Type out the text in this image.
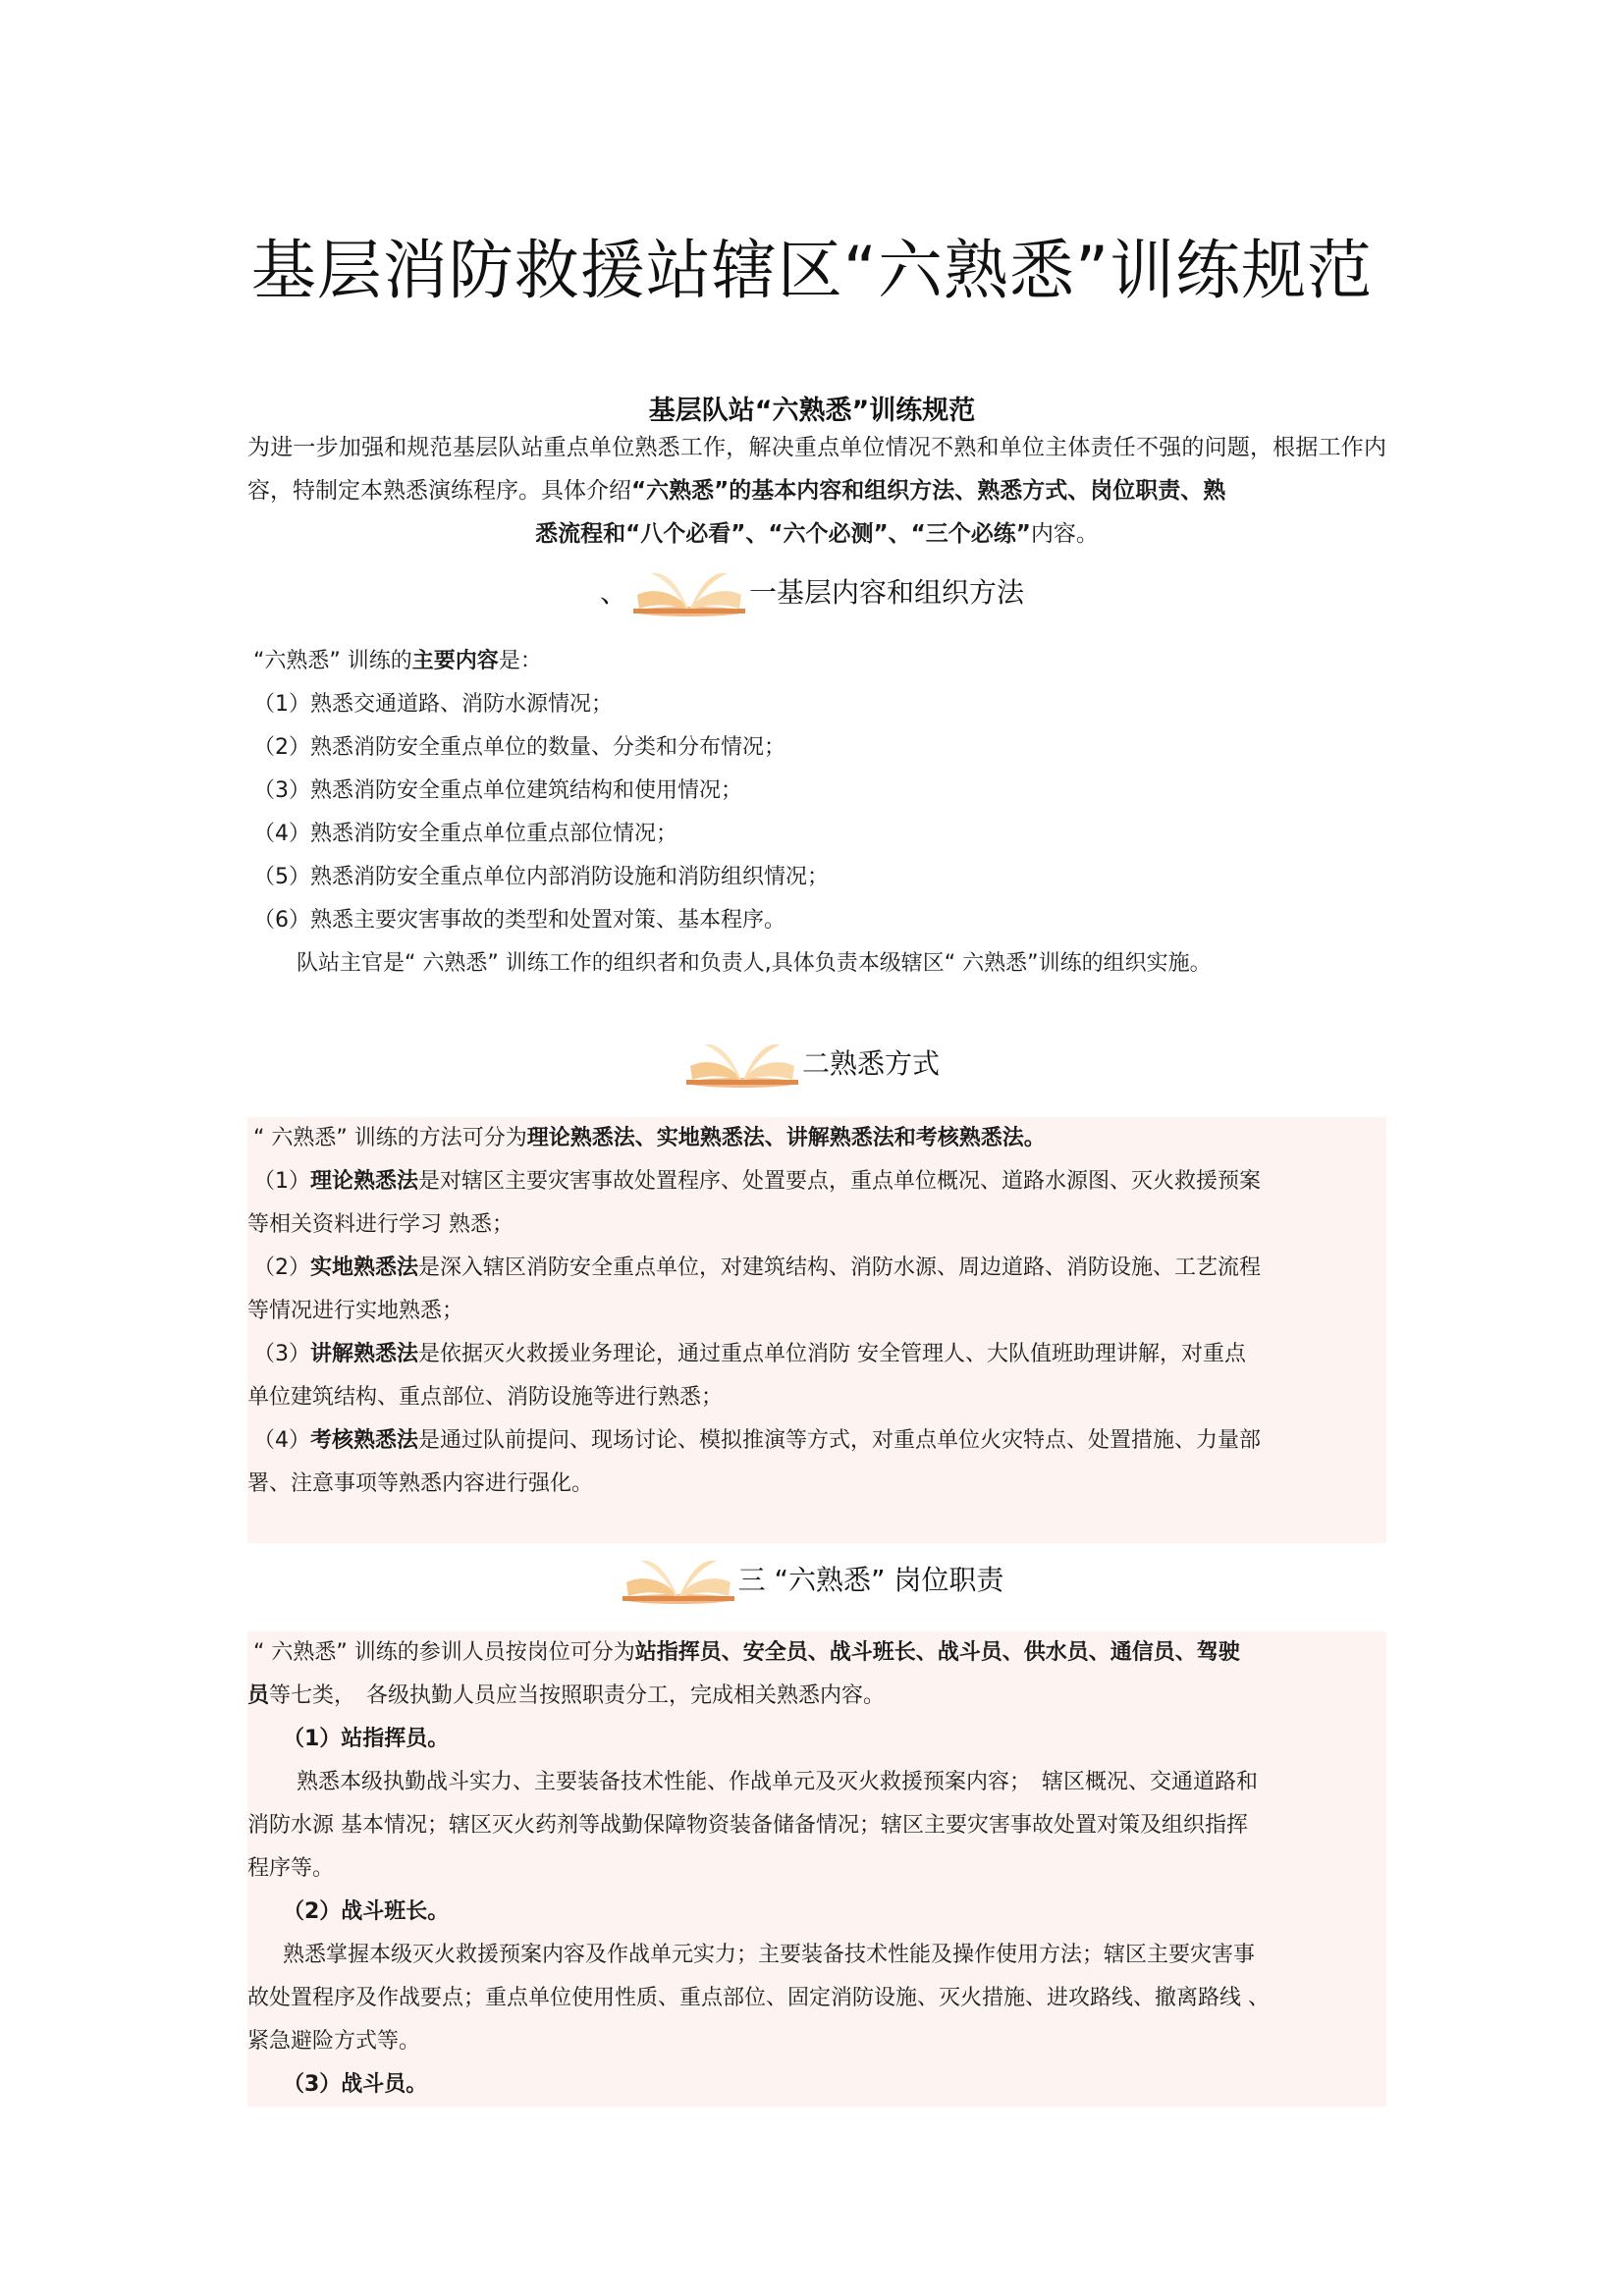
基层消防救援站辖区“六熟悉”训练规范
基层队站“六熟悉”训练规范
为进一步加强和规范基层队站重点单位熟悉工作，解决重点单位情况不熟和单位主体责任不强的问题，根据工作内容，特制定本熟悉演练程序。具体介绍“六熟悉”的基本内容和组织方法、熟悉方式、岗位职责、熟
悉流程和“八个必看”、“六个必测”、“三个必练”内容。
、	一基层内容和组织方法

“六熟悉” 训练的主要内容是：

（1）熟悉交通道路、消防水源情况；

（2）熟悉消防安全重点单位的数量、分类和分布情况；

（3）熟悉消防安全重点单位建筑结构和使用情况；

（4）熟悉消防安全重点单位重点部位情况；

（5）熟悉消防安全重点单位内部消防设施和消防组织情况；

（6）熟悉主要灾害事故的类型和处置对策、基本程序。

队站主官是“ 六熟悉” 训练工作的组织者和负责人,具体负责本级辖区“ 六熟悉”训练的组织实施。

二熟悉方式

“ 六熟悉” 训练的方法可分为理论熟悉法、实地熟悉法、讲解熟悉法和考核熟悉法。

（1）理论熟悉法是对辖区主要灾害事故处置程序、处置要点，重点单位概况、道路水源图、灭火救援预案

等相关资料进行学习 熟悉；

（2）实地熟悉法是深入辖区消防安全重点单位，对建筑结构、消防水源、周边道路、消防设施、工艺流程

等情况进行实地熟悉；

（3）讲解熟悉法是依据灭火救援业务理论，通过重点单位消防 安全管理人、大队值班助理讲解，对重点

单位建筑结构、重点部位、消防设施等进行熟悉；

（4）考核熟悉法是通过队前提问、现场讨论、模拟推演等方式，对重点单位火灾特点、处置措施、力量部

署、注意事项等熟悉内容进行强化。

三 “六熟悉” 岗位职责

“ 六熟悉” 训练的参训人员按岗位可分为站指挥员、安全员、战斗班长、战斗员、供水员、通信员、驾驶

员等七类，　各级执勤人员应当按照职责分工，完成相关熟悉内容。

（1）站指挥员。

熟悉本级执勤战斗实力、主要装备技术性能、作战单元及灭火救援预案内容；　辖区概况、交通道路和

消防水源 基本情况；辖区灭火药剂等战勤保障物资装备储备情况；辖区主要灾害事故处置对策及组织指挥

程序等。

（2）战斗班长。

熟悉掌握本级灭火救援预案内容及作战单元实力；主要装备技术性能及操作使用方法；辖区主要灾害事

故处置程序及作战要点；重点单位使用性质、重点部位、固定消防设施、灭火措施、进攻路线、撤离路线 、

紧急避险方式等。

（3）战斗员。
